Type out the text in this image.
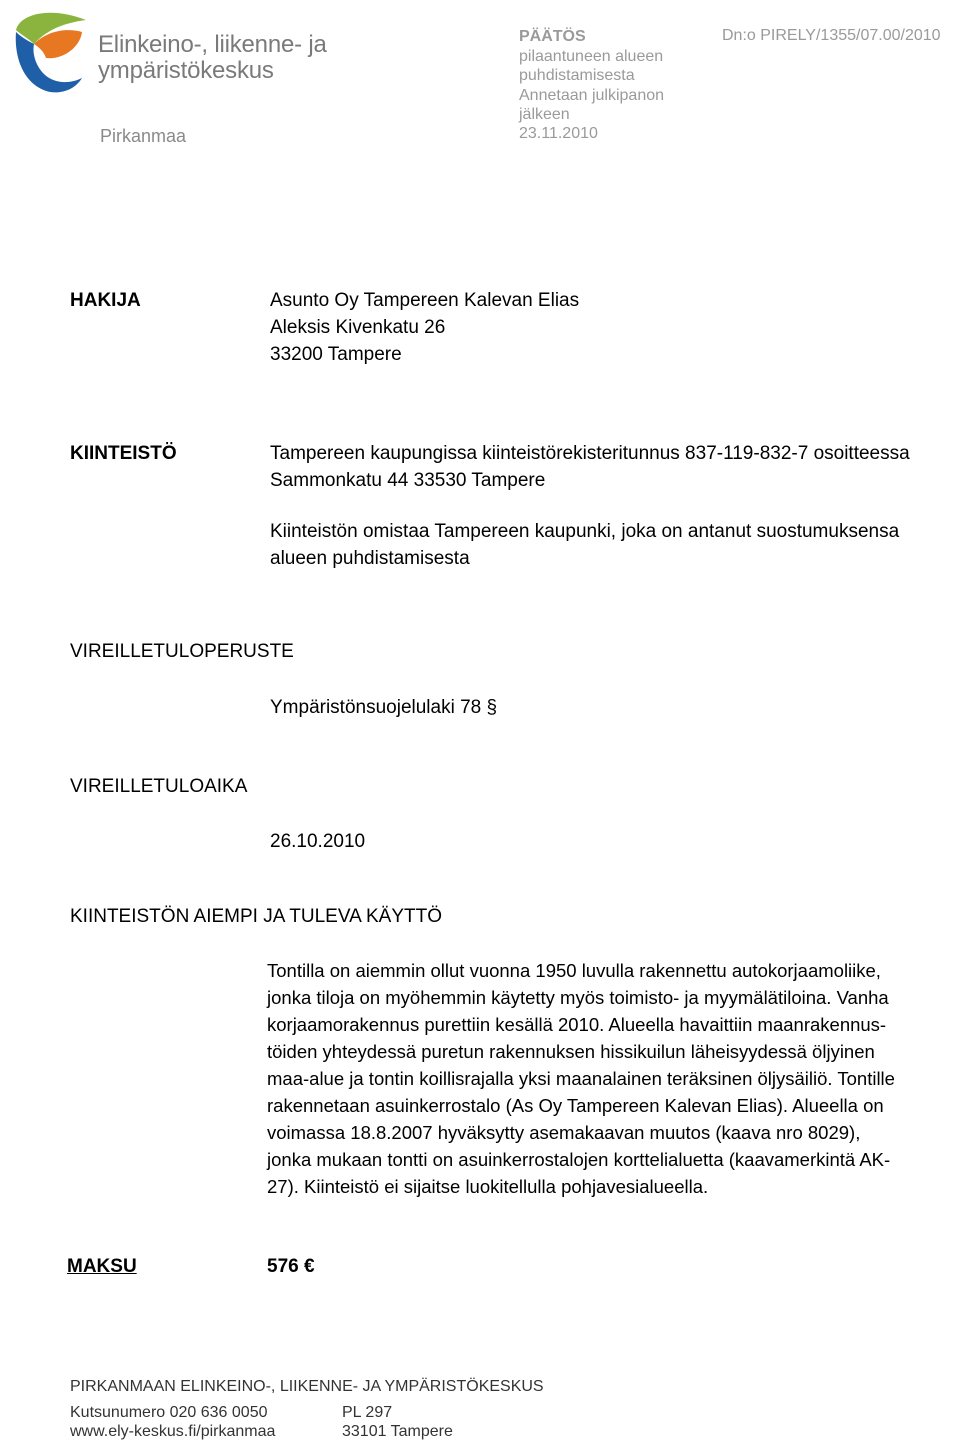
Elinkeino-, liikenne- ja
ympäristökeskus
Pirkanmaa
PÄÄTÖS
pilaantuneen alueen
puhdistamisesta
Annetaan julkipanon
jälkeen
Dn:o PIRELY/1355/07.00/2010
23.11.2010
HAKIJA	Asunto Oy Tampereen Kalevan Elias
Aleksis Kivenkatu 26
33200 Tampere
KIINTEISTÖ	Tampereen kaupungissa kiinteistörekisteritunnus 837-119-832-7 osoitteessa
Sammonkatu 44 33530 Tampere
Kiinteistön omistaa Tampereen kaupunki, joka on antanut suostumuksensa
alueen puhdistamisesta
VIREILLETULOPERUSTE
Ympäristönsuojelulaki 78 §
VIREILLETULOAIKA
26.10.2010
KIINTEISTÖN AIEMPI JA TULEVA KÄYTTÖ
Tontilla on aiemmin ollut vuonna 1950 luvulla rakennettu autokorjaamoliike,
jonka tiloja on myöhemmin käytetty myös toimisto- ja myymälätiloina. Vanha
korjaamorakennus purettiin kesällä 2010. Alueella havaittiin maanrakennus-
töiden yhteydessä puretun rakennuksen hissikuilun läheisyydessä öljyinen
maa-alue ja tontin koillisrajalla yksi maanalainen teräksinen öljysäiliö. Tontille
rakennetaan asuinkerrostalo (As Oy Tampereen Kalevan Elias). Alueella on
voimassa 18.8.2007 hyväksytty asemakaavan muutos (kaava nro 8029),
jonka mukaan tontti on asuinkerrostalojen korttelialuetta (kaavamerkintä AK-
27). Kiinteistö ei sijaitse luokitellulla pohjavesialueella.
MAKSU	576 €
PIRKANMAAN ELINKEINO-, LIIKENNE- JA YMPÄRISTÖKESKUS
Kutsunumero 020 636 0050
www.ely-keskus.fi/pirkanmaa
PL 297
33101 Tampere
